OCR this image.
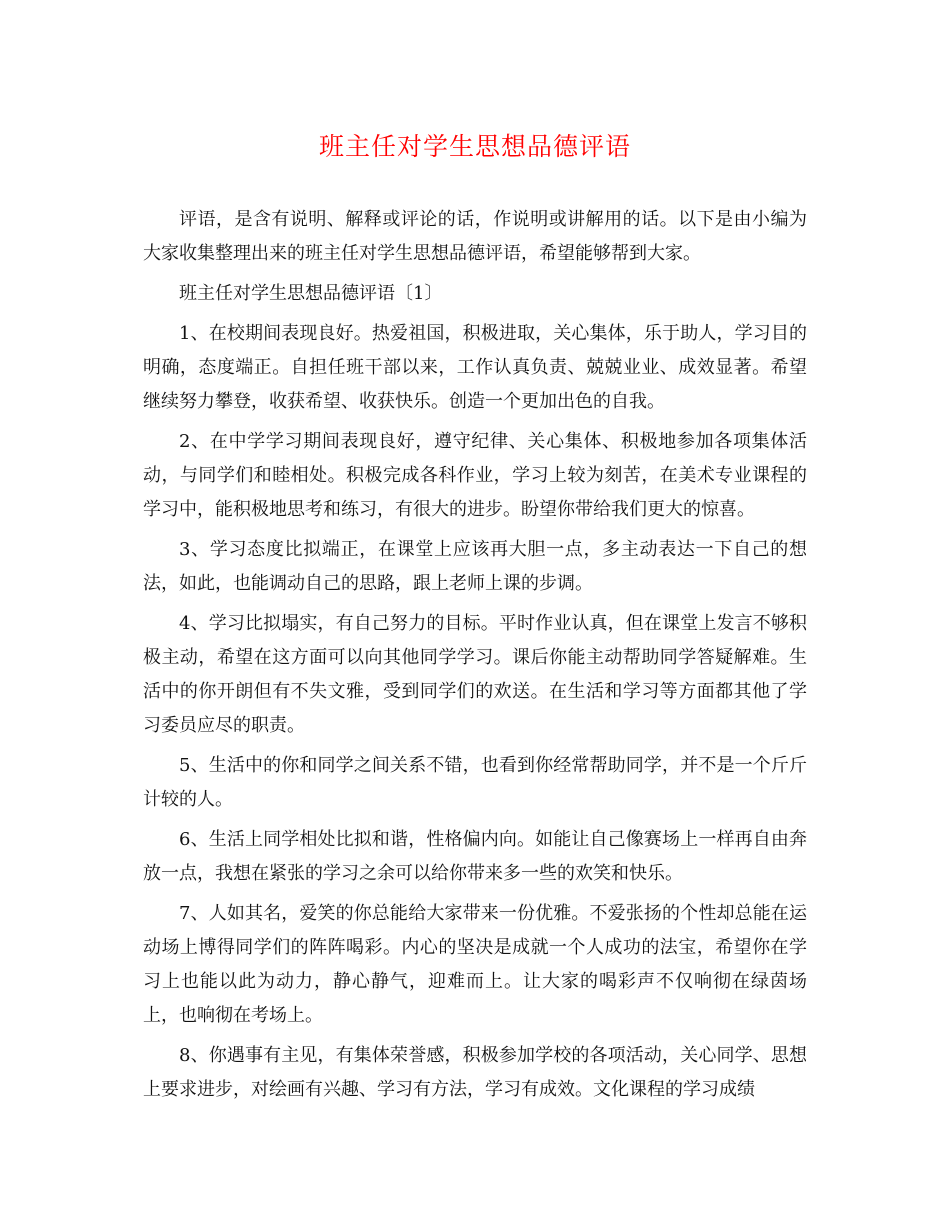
班主任对学生思想品德评语

评语，是含有说明、解释或评论的话，作说明或讲解用的话。以下是由小编为大家收集整理出来的班主任对学生思想品德评语，希望能够帮到大家。

班主任对学生思想品德评语〔1〕

1、在校期间表现良好。热爱祖国，积极进取，关心集体，乐于助人，学习目的明确，态度端正。自担任班干部以来，工作认真负责、兢兢业业、成效显著。希望继续努力攀登，收获希望、收获快乐。创造一个更加出色的自我。

2、在中学学习期间表现良好，遵守纪律、关心集体、积极地参加各项集体活动，与同学们和睦相处。积极完成各科作业，学习上较为刻苦，在美术专业课程的学习中，能积极地思考和练习，有很大的进步。盼望你带给我们更大的惊喜。

3、学习态度比拟端正，在课堂上应该再大胆一点，多主动表达一下自己的想法，如此，也能调动自己的思路，跟上老师上课的步调。

4、学习比拟塌实，有自己努力的目标。平时作业认真，但在课堂上发言不够积极主动，希望在这方面可以向其他同学学习。课后你能主动帮助同学答疑解难。生活中的你开朗但有不失文雅，受到同学们的欢送。在生活和学习等方面都其他了学习委员应尽的职责。

5、生活中的你和同学之间关系不错，也看到你经常帮助同学，并不是一个斤斤计较的人。

6、生活上同学相处比拟和谐，性格偏内向。如能让自己像赛场上一样再自由奔放一点，我想在紧张的学习之余可以给你带来多一些的欢笑和快乐。

7、人如其名，爱笑的你总能给大家带来一份优雅。不爱张扬的个性却总能在运动场上博得同学们的阵阵喝彩。内心的坚决是成就一个人成功的法宝，希望你在学习上也能以此为动力，静心静气，迎难而上。让大家的喝彩声不仅响彻在绿茵场上，也响彻在考场上。

8、你遇事有主见，有集体荣誉感，积极参加学校的各项活动，关心同学、思想上要求进步，对绘画有兴趣、学习有方法，学习有成效。文化课程的学习成绩
